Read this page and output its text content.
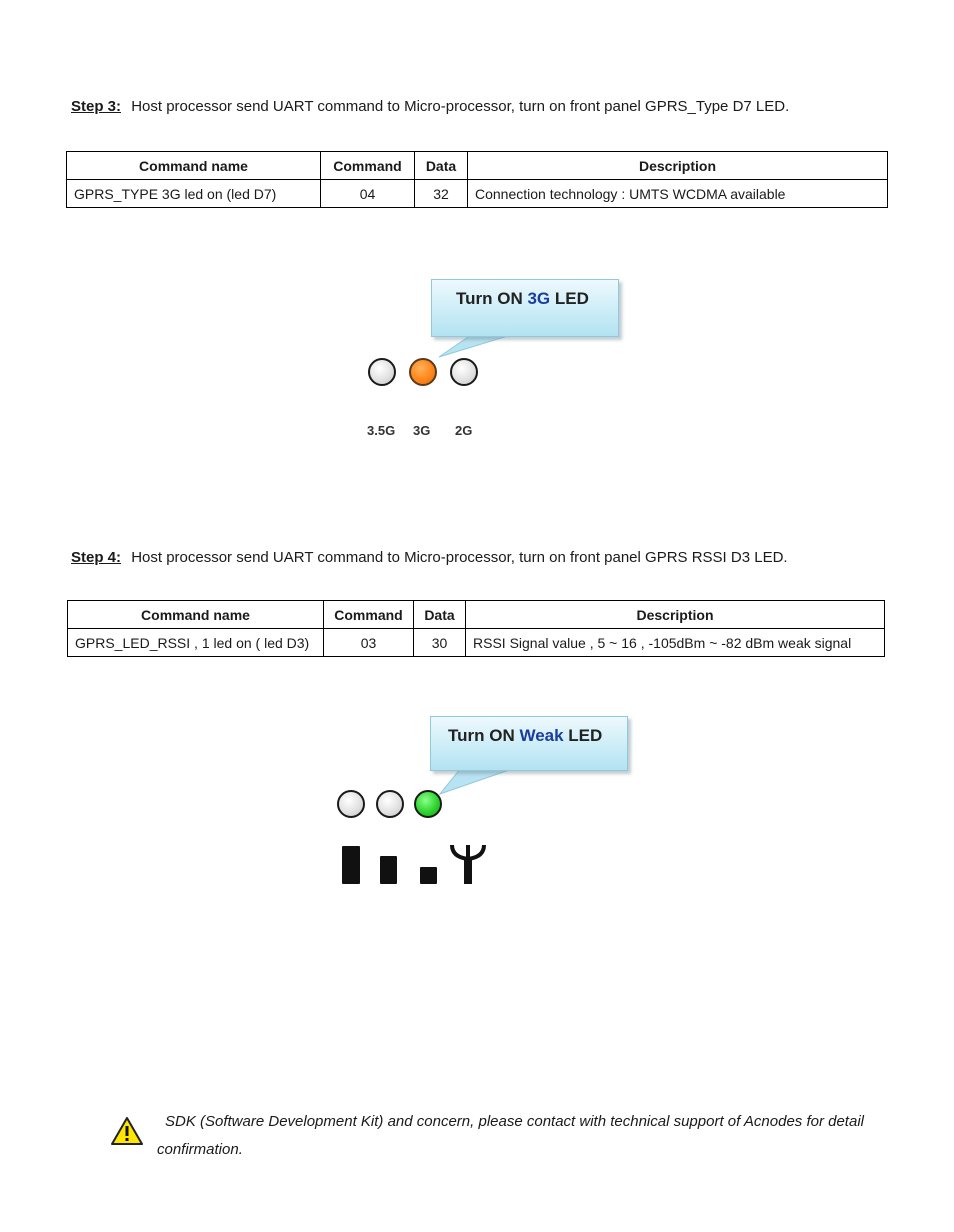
Step 3: Host processor send UART command to Micro-processor, turn on front panel GPRS_Type D7 LED.
Command name	Command	Data	Description
GPRS_TYPE 3G led on (led D7)	04	32	Connection technology : UMTS WCDMA available
Turn ON 3G LED
3.5G 3G 2G
Step 4: Host processor send UART command to Micro-processor, turn on front panel GPRS RSSI D3 LED.
Command name	Command	Data	Description
GPRS_LED_RSSI , 1 led on ( led D3)	03	30	RSSI Signal value , 5 ~ 16 , -105dBm ~ -82 dBm weak signal
Turn ON Weak LED
SDK (Software Development Kit) and concern, please contact with technical support of Acnodes for detail confirmation.
